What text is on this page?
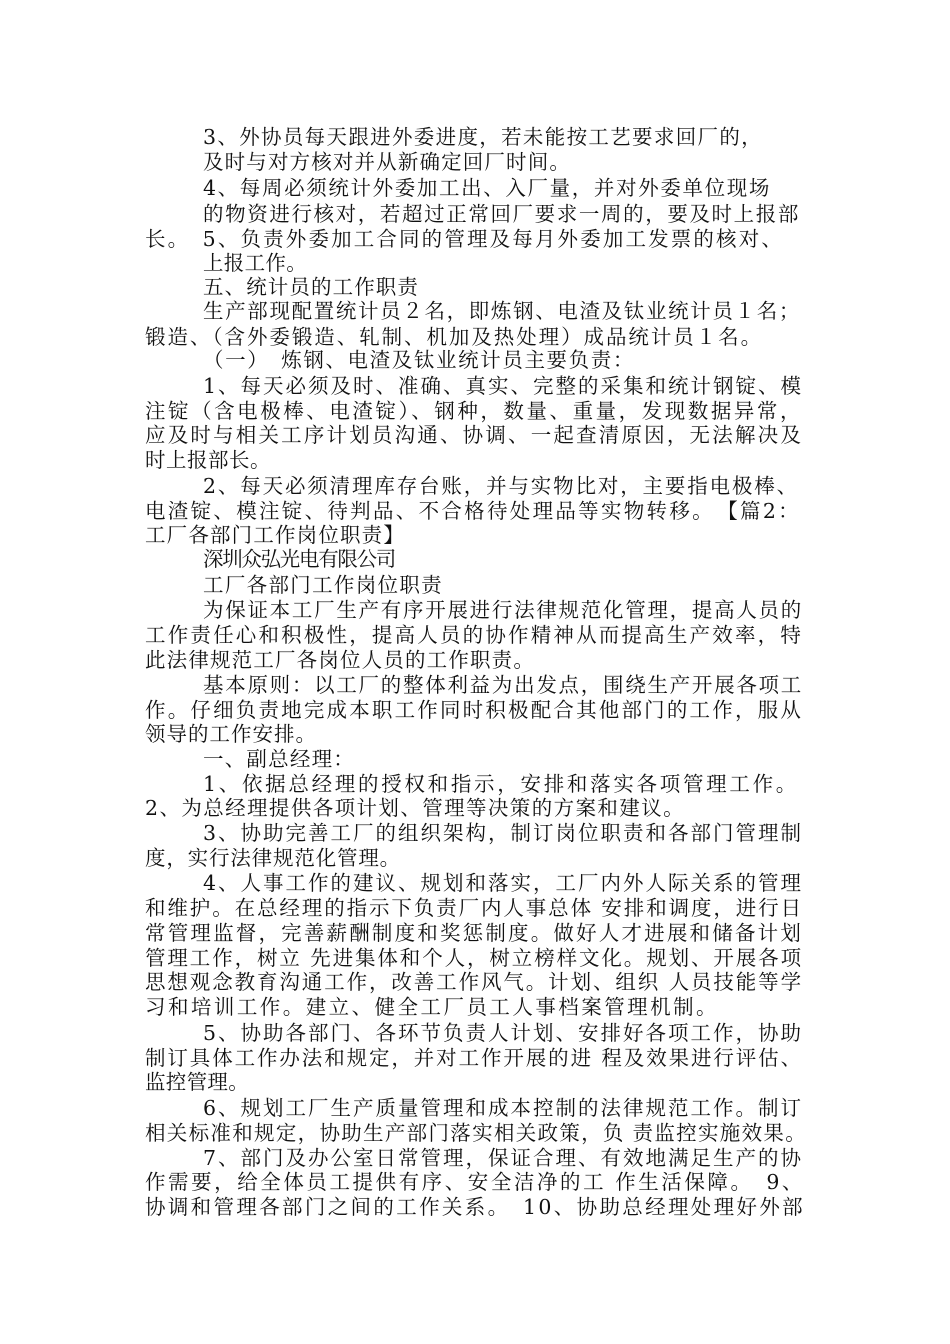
3、外协员每天跟进外委进度，若未能按工艺要求回厂的，
及时与对方核对并从新确定回厂时间。
4、每周必须统计外委加工出、入厂量，并对外委单位现场
的物资进行核对，若超过正常回厂要求一周的，要及时上报部
长。　5、负责外委加工合同的管理及每月外委加工发票的核对、
上报工作。
五、统计员的工作职责
生产部现配置统计员２名，即炼钢、电渣及钛业统计员１名；
锻造、（含外委锻造、轧制、机加及热处理）成品统计员１名。
（一）　炼钢、电渣及钛业统计员主要负责：
1、每天必须及时、准确、真实、完整的采集和统计钢锭、模
注锭（含电极棒、电渣锭）、钢种，数量、重量，发现数据异常，
应及时与相关工序计划员沟通、协调、一起查清原因，无法解决及
时上报部长。
2、每天必须清理库存台账，并与实物比对，主要指电极棒、
电渣锭、模注锭、待判品、不合格待处理品等实物转移。　【篇2：
工厂各部门工作岗位职责】
深圳众弘光电有限公司
工厂各部门工作岗位职责
为保证本工厂生产有序开展进行法律规范化管理，提高人员的
工作责任心和积极性，提高人员的协作精神从而提高生产效率，特
此法律规范工厂各岗位人员的工作职责。
基本原则：以工厂的整体利益为出发点，围绕生产开展各项工
作。仔细负责地完成本职工作同时积极配合其他部门的工作，服从
领导的工作安排。
一、副总经理：
1、依据总经理的授权和指示，安排和落实各项管理工作。
2、为总经理提供各项计划、管理等决策的方案和建议。
3、协助完善工厂的组织架构，制订岗位职责和各部门管理制
度，实行法律规范化管理。
4、人事工作的建议、规划和落实，工厂内外人际关系的管理
和维护。在总经理的指示下负责厂内人事总体 安排和调度，进行日
常管理监督，完善薪酬制度和奖惩制度。做好人才进展和储备计划
管理工作，树立 先进集体和个人，树立榜样文化。规划、开展各项
思想观念教育沟通工作，改善工作风气。计划、组织 人员技能等学
习和培训工作。建立、健全工厂员工人事档案管理机制。
5、协助各部门、各环节负责人计划、安排好各项工作，协助
制订具体工作办法和规定，并对工作开展的进 程及效果进行评估、
监控管理。
6、规划工厂生产质量管理和成本控制的法律规范工作。制订
相关标准和规定，协助生产部门落实相关政策，负 责监控实施效果。
7、部门及办公室日常管理，保证合理、有效地满足生产的协
作需要，给全体员工提供有序、安全洁净的工 作生活保障。　9、
协调和管理各部门之间的工作关系。　10、协助总经理处理好外部
